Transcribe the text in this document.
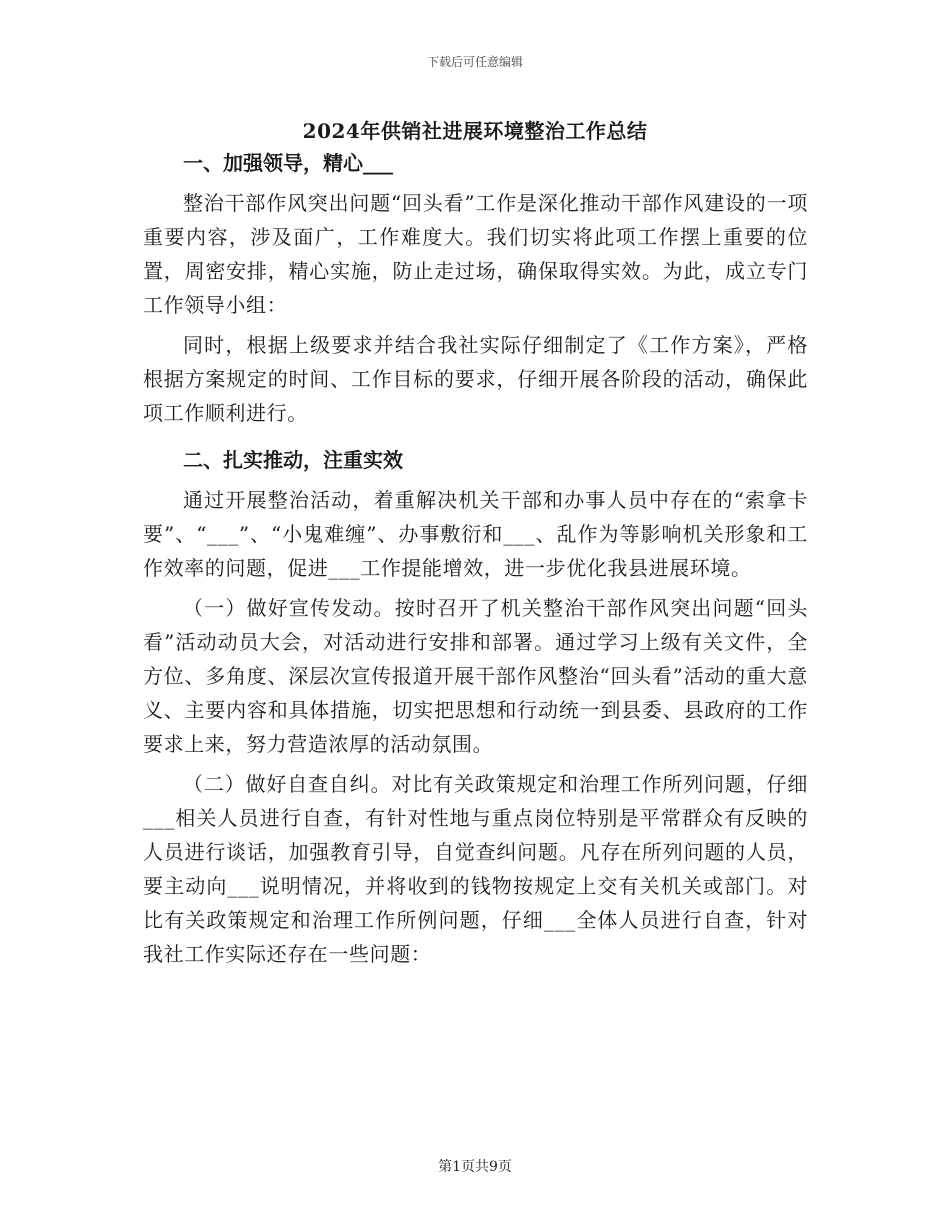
下载后可任意编辑
2024年供销社进展环境整治工作总结
一、加强领导，精心___

整治干部作风突出问题“回头看”工作是深化推动干部作风建设的一项重要内容，涉及面广，工作难度大。我们切实将此项工作摆上重要的位置，周密安排，精心实施，防止走过场，确保取得实效。为此，成立专门工作领导小组：

同时，根据上级要求并结合我社实际仔细制定了《工作方案》，严格根据方案规定的时间、工作目标的要求，仔细开展各阶段的活动，确保此项工作顺利进行。

二、扎实推动，注重实效

通过开展整治活动，着重解决机关干部和办事人员中存在的“索拿卡要”、“___”、“小鬼难缠”、办事敷衍和___、乱作为等影响机关形象和工作效率的问题，促进___工作提能增效，进一步优化我县进展环境。

（一）做好宣传发动。按时召开了机关整治干部作风突出问题“回头看”活动动员大会，对活动进行安排和部署。通过学习上级有关文件，全方位、多角度、深层次宣传报道开展干部作风整治“回头看”活动的重大意义、主要内容和具体措施，切实把思想和行动统一到县委、县政府的工作要求上来，努力营造浓厚的活动氛围。

（二）做好自查自纠。对比有关政策规定和治理工作所列问题，仔细___相关人员进行自查，有针对性地与重点岗位特别是平常群众有反映的人员进行谈话，加强教育引导，自觉查纠问题。凡存在所列问题的人员，要主动向___说明情况，并将收到的钱物按规定上交有关机关或部门。对比有关政策规定和治理工作所例问题，仔细___全体人员进行自查，针对我社工作实际还存在一些问题：

第1页共9页
